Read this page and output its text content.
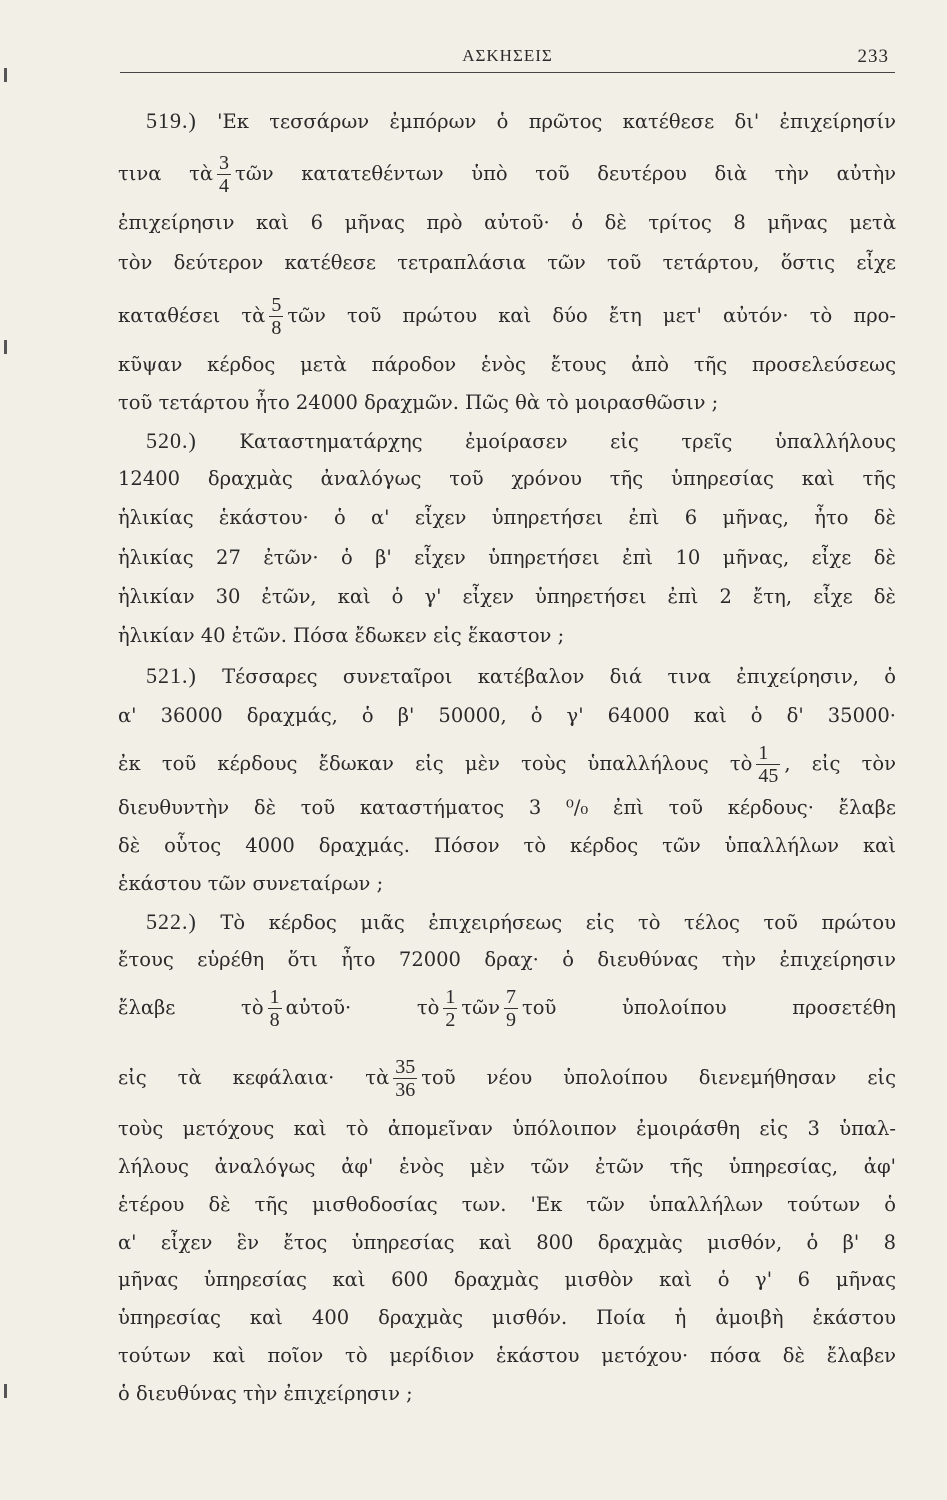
ΑΣΚΗΣΕΙΣ	233
519.) 'Εκ τεσσάρων ἐμπόρων ὁ πρῶτος κατέθεσε δι' ἐπιχείρησίν
τινα τὰ $\frac{3}{4}$ τῶν κατατεθέντων ὑπὸ τοῦ δευτέρου διὰ τὴν αὐτὴν
ἐπιχείρησιν καὶ 6 μῆνας πρὸ αὐτοῦ· ὁ δὲ τρίτος 8 μῆνας μετὰ
τὸν δεύτερον κατέθεσε τετραπλάσια τῶν τοῦ τετάρτου, ὅστις εἶχε
καταθέσει τὰ $\frac{5}{8}$ τῶν τοῦ πρώτου καὶ δύο ἔτη μετ' αὐτόν· τὸ προ-
κῦψαν κέρδος μετὰ πάροδον ἑνὸς ἔτους ἀπὸ τῆς προσελεύσεως
τοῦ τετάρτου ἦτο 24000 δραχμῶν. Πῶς θὰ τὸ μοιρασθῶσιν ;
520.) Καταστηματάρχης ἐμοίρασεν εἰς τρεῖς ὑπαλλήλους
12400 δραχμὰς ἀναλόγως τοῦ χρόνου τῆς ὑπηρεσίας καὶ τῆς
ἡλικίας ἑκάστου· ὁ α' εἶχεν ὑπηρετήσει ἐπὶ 6 μῆνας, ἦτο δὲ
ἡλικίας 27 ἐτῶν· ὁ β' εἶχεν ὑπηρετήσει ἐπὶ 10 μῆνας, εἶχε δὲ
ἡλικίαν 30 ἐτῶν, καὶ ὁ γ' εἶχεν ὑπηρετήσει ἐπὶ 2 ἔτη, εἶχε δὲ
ἡλικίαν 40 ἐτῶν. Πόσα ἔδωκεν εἰς ἕκαστον ;
521.) Τέσσαρες συνεταῖροι κατέβαλον διά τινα ἐπιχείρησιν, ὁ
α' 36000 δραχμάς, ὁ β' 50000, ὁ γ' 64000 καὶ ὁ δ' 35000·
ἐκ τοῦ κέρδους ἔδωκαν εἰς μὲν τοὺς ὑπαλλήλους τὸ $\frac{1}{45}$ , εἰς τὸν
διευθυντὴν δὲ τοῦ καταστήματος 3 ⁰/₀ ἐπὶ τοῦ κέρδους· ἔλαβε
δὲ οὗτος 4000 δραχμάς. Πόσον τὸ κέρδος τῶν ὑπαλλήλων καὶ
ἑκάστου τῶν συνεταίρων ;
522.) Τὸ κέρδος μιᾶς ἐπιχειρήσεως εἰς τὸ τέλος τοῦ πρώτου
ἔτους εὑρέθη ὅτι ἦτο 72000 δραχ· ὁ διευθύνας τὴν ἐπιχείρησιν
ἔλαβε τὸ $\frac{1}{8}$ αὐτοῦ· τὸ $\frac{1}{2}$ τῶν $\frac{7}{9}$ τοῦ ὑπολοίπου προσετέθη
εἰς τὰ κεφάλαια· τὰ $\frac{35}{36}$ τοῦ νέου ὑπολοίπου διενεμήθησαν εἰς
τοὺς μετόχους καὶ τὸ ἀπομεῖναν ὑπόλοιπον ἐμοιράσθη εἰς 3 ὑπαλ-
λήλους ἀναλόγως ἀφ' ἑνὸς μὲν τῶν ἐτῶν τῆς ὑπηρεσίας, ἀφ'
ἑτέρου δὲ τῆς μισθοδοσίας των. 'Εκ τῶν ὑπαλλήλων τούτων ὁ
α' εἶχεν ἓν ἔτος ὑπηρεσίας καὶ 800 δραχμὰς μισθόν, ὁ β' 8
μῆνας ὑπηρεσίας καὶ 600 δραχμὰς μισθὸν καὶ ὁ γ' 6 μῆνας
ὑπηρεσίας καὶ 400 δραχμὰς μισθόν. Ποία ἡ ἀμοιβὴ ἑκάστου
τούτων καὶ ποῖον τὸ μερίδιον ἑκάστου μετόχου· πόσα δὲ ἔλαβεν
ὁ διευθύνας τὴν ἐπιχείρησιν ;
